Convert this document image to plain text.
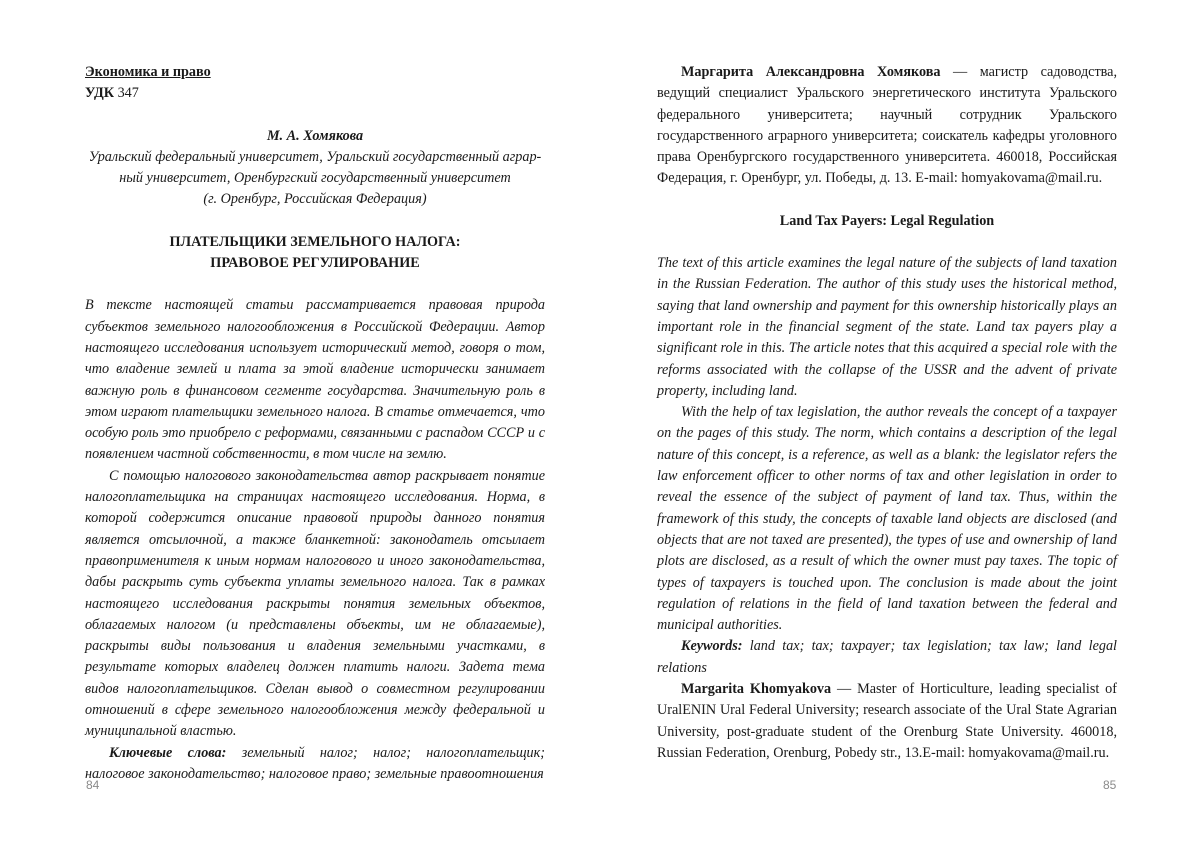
Экономика и право

УДК 347

М. А. Хомякова

Уральский федеральный университет, Уральский государственный аграр-

ный университет, Оренбургский государственный университет

(г. Оренбург, Российская Федерация)

ПЛАТЕЛЬЩИКИ ЗЕМЕЛЬНОГО НАЛОГА:

ПРАВОВОЕ РЕГУЛИРОВАНИЕ

В тексте настоящей статьи рассматривается правовая природа субъектов земельного налогообложения в Российской Федерации. Автор настоящего исследования использует исторический метод, говоря о том, что владение землей и плата за этой владение исторически занимает важную роль в финансовом сегменте государства. Значительную роль в этом играют плательщики земельного налога. В статье отмечается, что особую роль это приобрело с реформами, связанными с распадом СССР и с появлением частной собственности, в том числе на землю.

С помощью налогового законодательства автор раскрывает понятие налогоплательщика на страницах настоящего исследования. Норма, в которой содержится описание правовой природы данного понятия является отсылочной, а также бланкетной: законодатель отсылает правоприменителя к иным нормам налогового и иного законодательства, дабы раскрыть суть субъекта уплаты земельного налога. Так в рамках настоящего исследования раскрыты понятия земельных объектов, облагаемых налогом (и представлены объекты, им не облагаемые), раскрыты виды пользования и владения земельными участками, в результате которых владелец должен платить налоги. Задета тема видов налогоплательщиков. Сделан вывод о совместном регулировании отношений в сфере земельного налогообложения между федеральной и муниципальной властью.

Ключевые слова: земельный налог; налог; налогоплательщик; налоговое законодательство; налоговое право; земельные правоотношения

84

Маргарита Александровна Хомякова — магистр садоводства, ведущий специалист Уральского энергетического института Уральского федерального университета; научный сотрудник Уральского государственного аграрного университета; соискатель кафедры уголовного права Оренбургского государственного университета. 460018, Российская Федерация, г. Оренбург, ул. Победы, д. 13. E-mail: homyakovama@mail.ru.

Land Tax Payers: Legal Regulation

The text of this article examines the legal nature of the subjects of land taxation in the Russian Federation. The author of this study uses the historical method, saying that land ownership and payment for this ownership historically plays an important role in the financial segment of the state. Land tax payers play a significant role in this. The article notes that this acquired a special role with the reforms associated with the collapse of the USSR and the advent of private property, including land.

With the help of tax legislation, the author reveals the concept of a taxpayer on the pages of this study. The norm, which contains a description of the legal nature of this concept, is a reference, as well as a blank: the legislator refers the law enforcement officer to other norms of tax and other legislation in order to reveal the essence of the subject of payment of land tax. Thus, within the framework of this study, the concepts of taxable land objects are disclosed (and objects that are not taxed are presented), the types of use and ownership of land plots are disclosed, as a result of which the owner must pay taxes. The topic of types of taxpayers is touched upon. The conclusion is made about the joint regulation of relations in the field of land taxation between the federal and municipal authorities.

Keywords: land tax; tax; taxpayer; tax legislation; tax law; land legal relations

Margarita Khomyakova — Master of Horticulture, leading specialist of UralENIN Ural Federal University; research associate of the Ural State Agrarian University, post-graduate student of the Orenburg State University. 460018, Russian Federation, Orenburg, Pobedy str., 13.E-mail: homyakovama@mail.ru.

85
